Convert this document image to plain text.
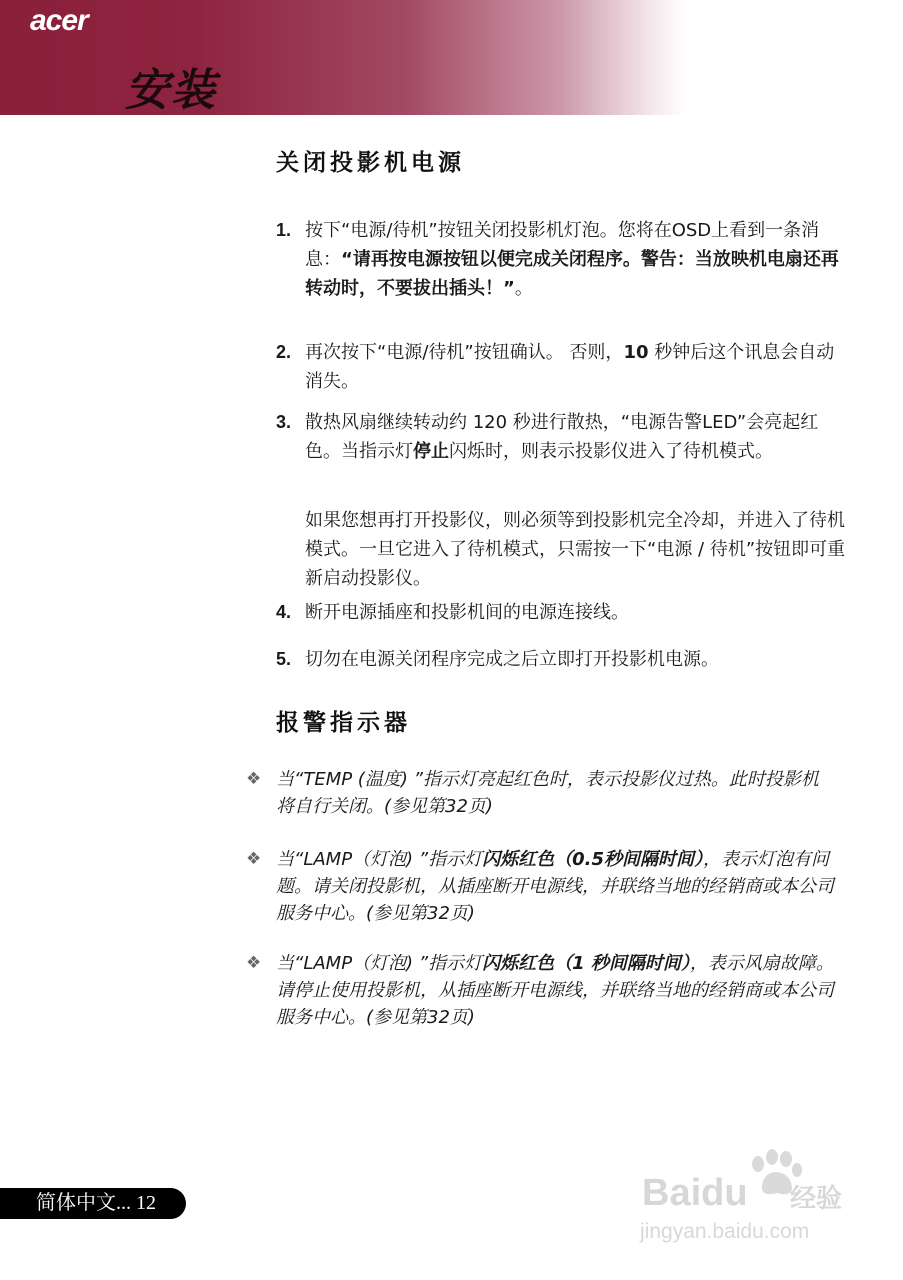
acer
安装
关闭投影机电源
1. 按下“电源/待机”按钮关闭投影机灯泡。您将在OSD上看到一条消息：“请再按电源按钮以便完成关闭程序。警告：当放映机电扇还再转动时，不要拔出插头！”。
2. 再次按下“电源/待机”按钮确认。 否则，10 秒钟后这个讯息会自动消失。
3. 散热风扇继续转动约 120 秒进行散热，“电源告警LED”会亮起红色。当指示灯停止闪烁时，则表示投影仪进入了待机模式。
如果您想再打开投影仪，则必须等到投影机完全冷却，并进入了待机模式。一旦它进入了待机模式，只需按一下“电源 / 待机”按钮即可重新启动投影仪。
4. 断开电源插座和投影机间的电源连接线。
5. 切勿在电源关闭程序完成之后立即打开投影机电源。
报警指示器
❖ 当“TEMP (温度) ”指示灯亮起红色时，表示投影仪过热。此时投影机将自行关闭。(参见第32页)
❖ 当“LAMP（灯泡) ”指示灯闪烁红色（0.5秒间隔时间），表示灯泡有问题。请关闭投影机，从插座断开电源线，并联络当地的经销商或本公司服务中心。(参见第32页)
❖ 当“LAMP（灯泡) ”指示灯闪烁红色（1 秒间隔时间），表示风扇故障。请停止使用投影机，从插座断开电源线，并联络当地的经销商或本公司服务中心。(参见第32页)
简体中文... 12	Baidu 经验
jingyan.baidu.com
